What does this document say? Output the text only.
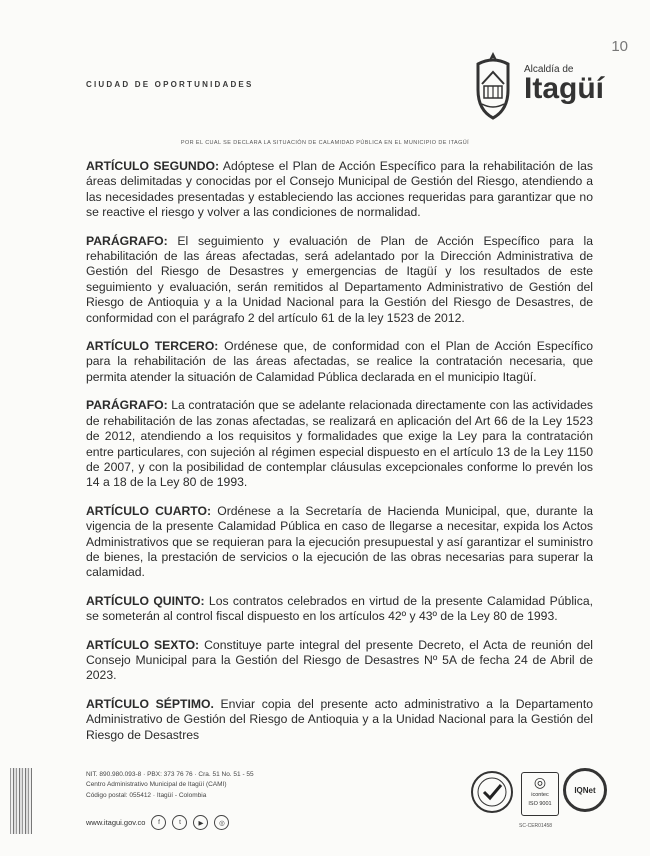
10
CIUDAD DE OPORTUNIDADES
Alcaldía de
Itagüí
POR EL CUAL SE DECLARA LA SITUACIÓN DE CALAMIDAD PÚBLICA EN EL MUNICIPIO DE ITAGÜÍ

ARTÍCULO SEGUNDO: Adóptese el Plan de Acción Específico para la rehabilitación de las áreas delimitadas y conocidas por el Consejo Municipal de Gestión del Riesgo, atendiendo a las necesidades presentadas y estableciendo las acciones requeridas para garantizar que no se reactive el riesgo y volver a las condiciones de normalidad.

PARÁGRAFO: El seguimiento y evaluación de Plan de Acción Específico para la rehabilitación de las áreas afectadas, será adelantado por la Dirección Administrativa de Gestión del Riesgo de Desastres y emergencias de Itagüí y los resultados de este seguimiento y evaluación, serán remitidos al Departamento Administrativo de Gestión del Riesgo de Antioquia y a la Unidad Nacional para la Gestión del Riesgo de Desastres, de conformidad con el parágrafo 2 del artículo 61 de la ley 1523 de 2012.

ARTÍCULO TERCERO: Ordénese que, de conformidad con el Plan de Acción Específico para la rehabilitación de las áreas afectadas, se realice la contratación necesaria, que permita atender la situación de Calamidad Pública declarada en el municipio Itagüí.

PARÁGRAFO: La contratación que se adelante relacionada directamente con las actividades de rehabilitación de las zonas afectadas, se realizará en aplicación del Art 66 de la Ley 1523 de 2012, atendiendo a los requisitos y formalidades que exige la Ley para la contratación entre particulares, con sujeción al régimen especial dispuesto en el artículo 13 de la Ley 1150 de 2007, y con la posibilidad de contemplar cláusulas excepcionales conforme lo prevén los 14 a 18 de la Ley 80 de 1993.

ARTÍCULO CUARTO: Ordénese a la Secretaría de Hacienda Municipal, que, durante la vigencia de la presente Calamidad Pública en caso de llegarse a necesitar, expida los Actos Administrativos que se requieran para la ejecución presupuestal y así garantizar el suministro de bienes, la prestación de servicios o la ejecución de las obras necesarias para superar la calamidad.

ARTÍCULO QUINTO: Los contratos celebrados en virtud de la presente Calamidad Pública, se someterán al control fiscal dispuesto en los artículos 42º y 43º de la Ley 80 de 1993.

ARTÍCULO SEXTO: Constituye parte integral del presente Decreto, el Acta de reunión del Consejo Municipal para la Gestión del Riesgo de Desastres Nº 5A de fecha 24 de Abril de 2023.

ARTÍCULO SÉPTIMO. Enviar copia del presente acto administrativo a la Departamento Administrativo de Gestión del Riesgo de Antioquia y a la Unidad Nacional para la Gestión del Riesgo de Desastres

NIT. 890.980.093-8 · PBX: 373 76 76 · Cra. 51 No. 51 - 55
Centro Administrativo Municipal de Itagüí (CAMI)
Código postal: 055412 · Itagüí - Colombia
www.itagui.gov.co	f	t	▶	◎
◎
icontec
ISO 9001
IQNet
SC-CER01458
